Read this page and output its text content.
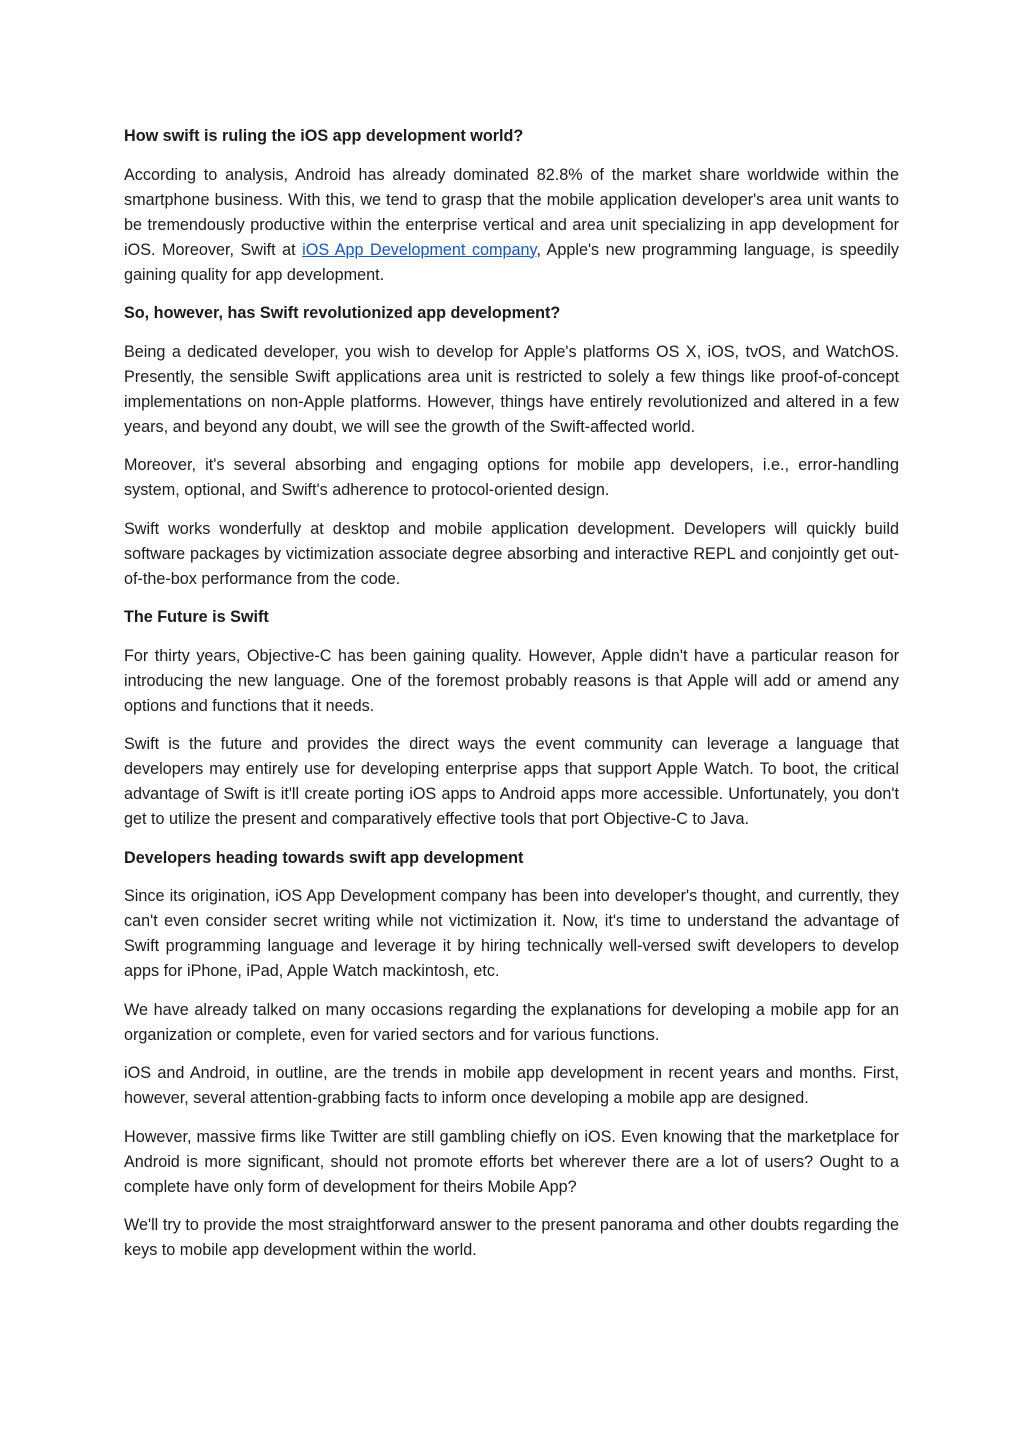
How swift is ruling the iOS app development world?

According to analysis, Android has already dominated 82.8% of the market share worldwide within the smartphone business. With this, we tend to grasp that the mobile application developer's area unit wants to be tremendously productive within the enterprise vertical and area unit specializing in app development for iOS. Moreover, Swift at iOS App Development company, Apple's new programming language, is speedily gaining quality for app development.

So, however, has Swift revolutionized app development?

Being a dedicated developer, you wish to develop for Apple's platforms OS X, iOS, tvOS, and WatchOS. Presently, the sensible Swift applications area unit is restricted to solely a few things like proof-of-concept implementations on non-Apple platforms. However, things have entirely revolutionized and altered in a few years, and beyond any doubt, we will see the growth of the Swift-affected world.

Moreover, it's several absorbing and engaging options for mobile app developers, i.e., error-handling system, optional, and Swift's adherence to protocol-oriented design.

Swift works wonderfully at desktop and mobile application development. Developers will quickly build software packages by victimization associate degree absorbing and interactive REPL and conjointly get out-of-the-box performance from the code.

The Future is Swift

For thirty years, Objective-C has been gaining quality. However, Apple didn't have a particular reason for introducing the new language. One of the foremost probably reasons is that Apple will add or amend any options and functions that it needs.

Swift is the future and provides the direct ways the event community can leverage a language that developers may entirely use for developing enterprise apps that support Apple Watch. To boot, the critical advantage of Swift is it'll create porting iOS apps to Android apps more accessible. Unfortunately, you don't get to utilize the present and comparatively effective tools that port Objective-C to Java.

Developers heading towards swift app development

Since its origination, iOS App Development company has been into developer's thought, and currently, they can't even consider secret writing while not victimization it. Now, it's time to understand the advantage of Swift programming language and leverage it by hiring technically well-versed swift developers to develop apps for iPhone, iPad, Apple Watch mackintosh, etc.

We have already talked on many occasions regarding the explanations for developing a mobile app for an organization or complete, even for varied sectors and for various functions.

iOS and Android, in outline, are the trends in mobile app development in recent years and months. First, however, several attention-grabbing facts to inform once developing a mobile app are designed.

However, massive firms like Twitter are still gambling chiefly on iOS. Even knowing that the marketplace for Android is more significant, should not promote efforts bet wherever there are a lot of users? Ought to a complete have only form of development for theirs Mobile App?

We'll try to provide the most straightforward answer to the present panorama and other doubts regarding the keys to mobile app development within the world.
